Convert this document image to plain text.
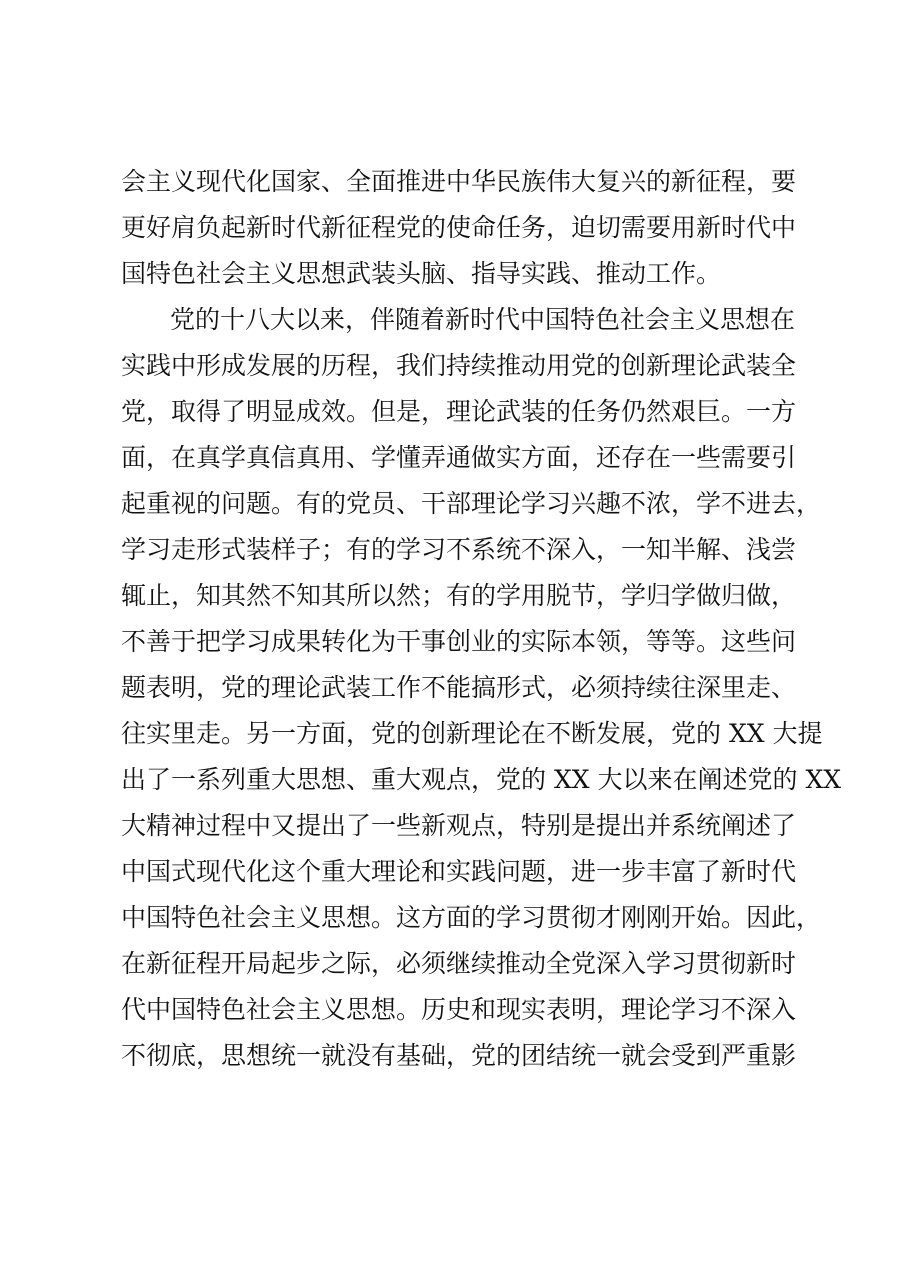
会主义现代化国家、全面推进中华民族伟大复兴的新征程，要
更好肩负起新时代新征程党的使命任务，迫切需要用新时代中
国特色社会主义思想武装头脑、指导实践、推动工作。
党的十八大以来，伴随着新时代中国特色社会主义思想在
实践中形成发展的历程，我们持续推动用党的创新理论武装全
党，取得了明显成效。但是，理论武装的任务仍然艰巨。一方
面，在真学真信真用、学懂弄通做实方面，还存在一些需要引
起重视的问题。有的党员、干部理论学习兴趣不浓，学不进去，
学习走形式装样子；有的学习不系统不深入，一知半解、浅尝
辄止，知其然不知其所以然；有的学用脱节，学归学做归做，
不善于把学习成果转化为干事创业的实际本领，等等。这些问
题表明，党的理论武装工作不能搞形式，必须持续往深里走、
往实里走。另一方面，党的创新理论在不断发展，党的 XX 大提
出了一系列重大思想、重大观点，党的 XX 大以来在阐述党的 XX
大精神过程中又提出了一些新观点，特别是提出并系统阐述了
中国式现代化这个重大理论和实践问题，进一步丰富了新时代
中国特色社会主义思想。这方面的学习贯彻才刚刚开始。因此，
在新征程开局起步之际，必须继续推动全党深入学习贯彻新时
代中国特色社会主义思想。历史和现实表明，理论学习不深入
不彻底，思想统一就没有基础，党的团结统一就会受到严重影
